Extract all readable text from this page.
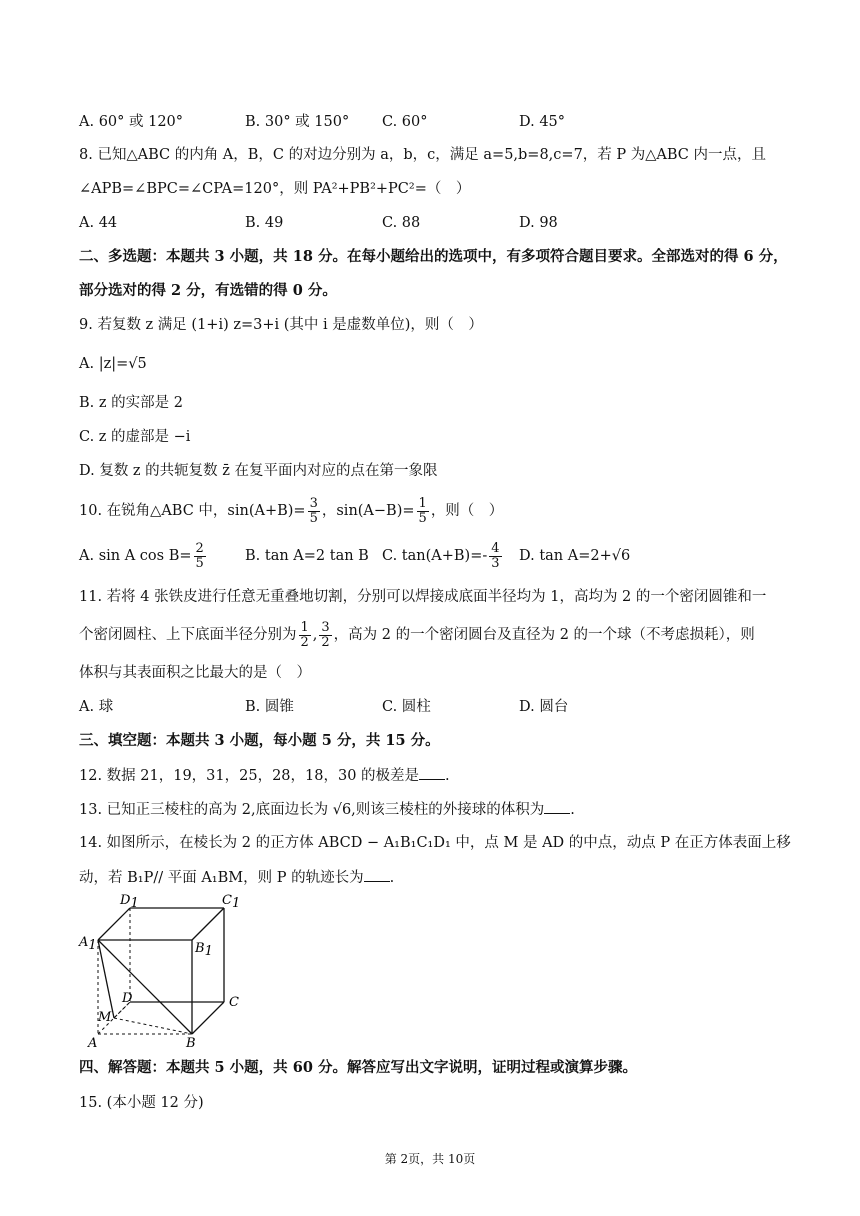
A. 60° 或 120°	B. 30° 或 150° C. 60°	D. 45°
8. 已知△ABC 的内角 A，B，C 的对边分别为 a，b，c，满足 a=5,b=8,c=7，若 P 为△ABC 内一点，且
∠APB=∠BPC=∠CPA=120°，则 PA²+PB²+PC²=（　）
A. 44	B. 49	C. 88	D. 98
二、多选题：本题共 3 小题，共 18 分。在每小题给出的选项中，有多项符合题目要求。全部选对的得 6 分，
部分选对的得 2 分，有选错的得 0 分。
9. 若复数 z 满足 (1+i) z=3+i (其中 i 是虚数单位)，则（　）
A. |z|=√5
B. z 的实部是 2
C. z 的虚部是 −i
D. 复数 z 的共轭复数 z̄ 在复平面内对应的点在第一象限
10. 在锐角△ABC 中，$\sin(A+B)= \frac{3}{5}$ ，$\sin(A-B)= \frac{1}{5}$ ，则（　）
A. sin A $\cos B= \frac{2}{5}$	B. tan A=2 tan B C. $\tan(A+B)=- \frac{4}{3} D$. tan A=2+√6
11. 若将 4 张铁皮进行任意无重叠地切割，分别可以焊接成底面半径均为 1，高均为 2 的一个密闭圆锥和一
个密闭圆柱、上下底面半径分别为 $\frac{1}{2}$ , $\frac{3}{2}$ ，高为 2 的一个密闭圆台及直径为 2 的一个球（不考虑损耗），则
体积与其表面积之比最大的是（　）
A. 球	B. 圆锥	C. 圆柱	D. 圆台
三、填空题：本题共 3 小题，每小题 5 分，共 15 分。
12. 数据 21，19，31，25，28，18，30 的极差是 .
13. 已知正三棱柱的高为 2,底面边长为 √6,则该三棱柱的外接球的体积为 .
14. 如图所示，在棱长为 2 的正方体 ABCD − A₁B₁C₁D₁ 中，点 M 是 AD 的中点，动点 P 在正方体表面上移
动，若 B₁P// 平面 A₁BM，则 P 的轨迹长为 .
D1	C1
A1	B1
D	C
M
A	B
四、解答题：本题共 5 小题，共 60 分。解答应写出文字说明，证明过程或演算步骤。
15. (本小题 12 分)
第 2页，共 10页
